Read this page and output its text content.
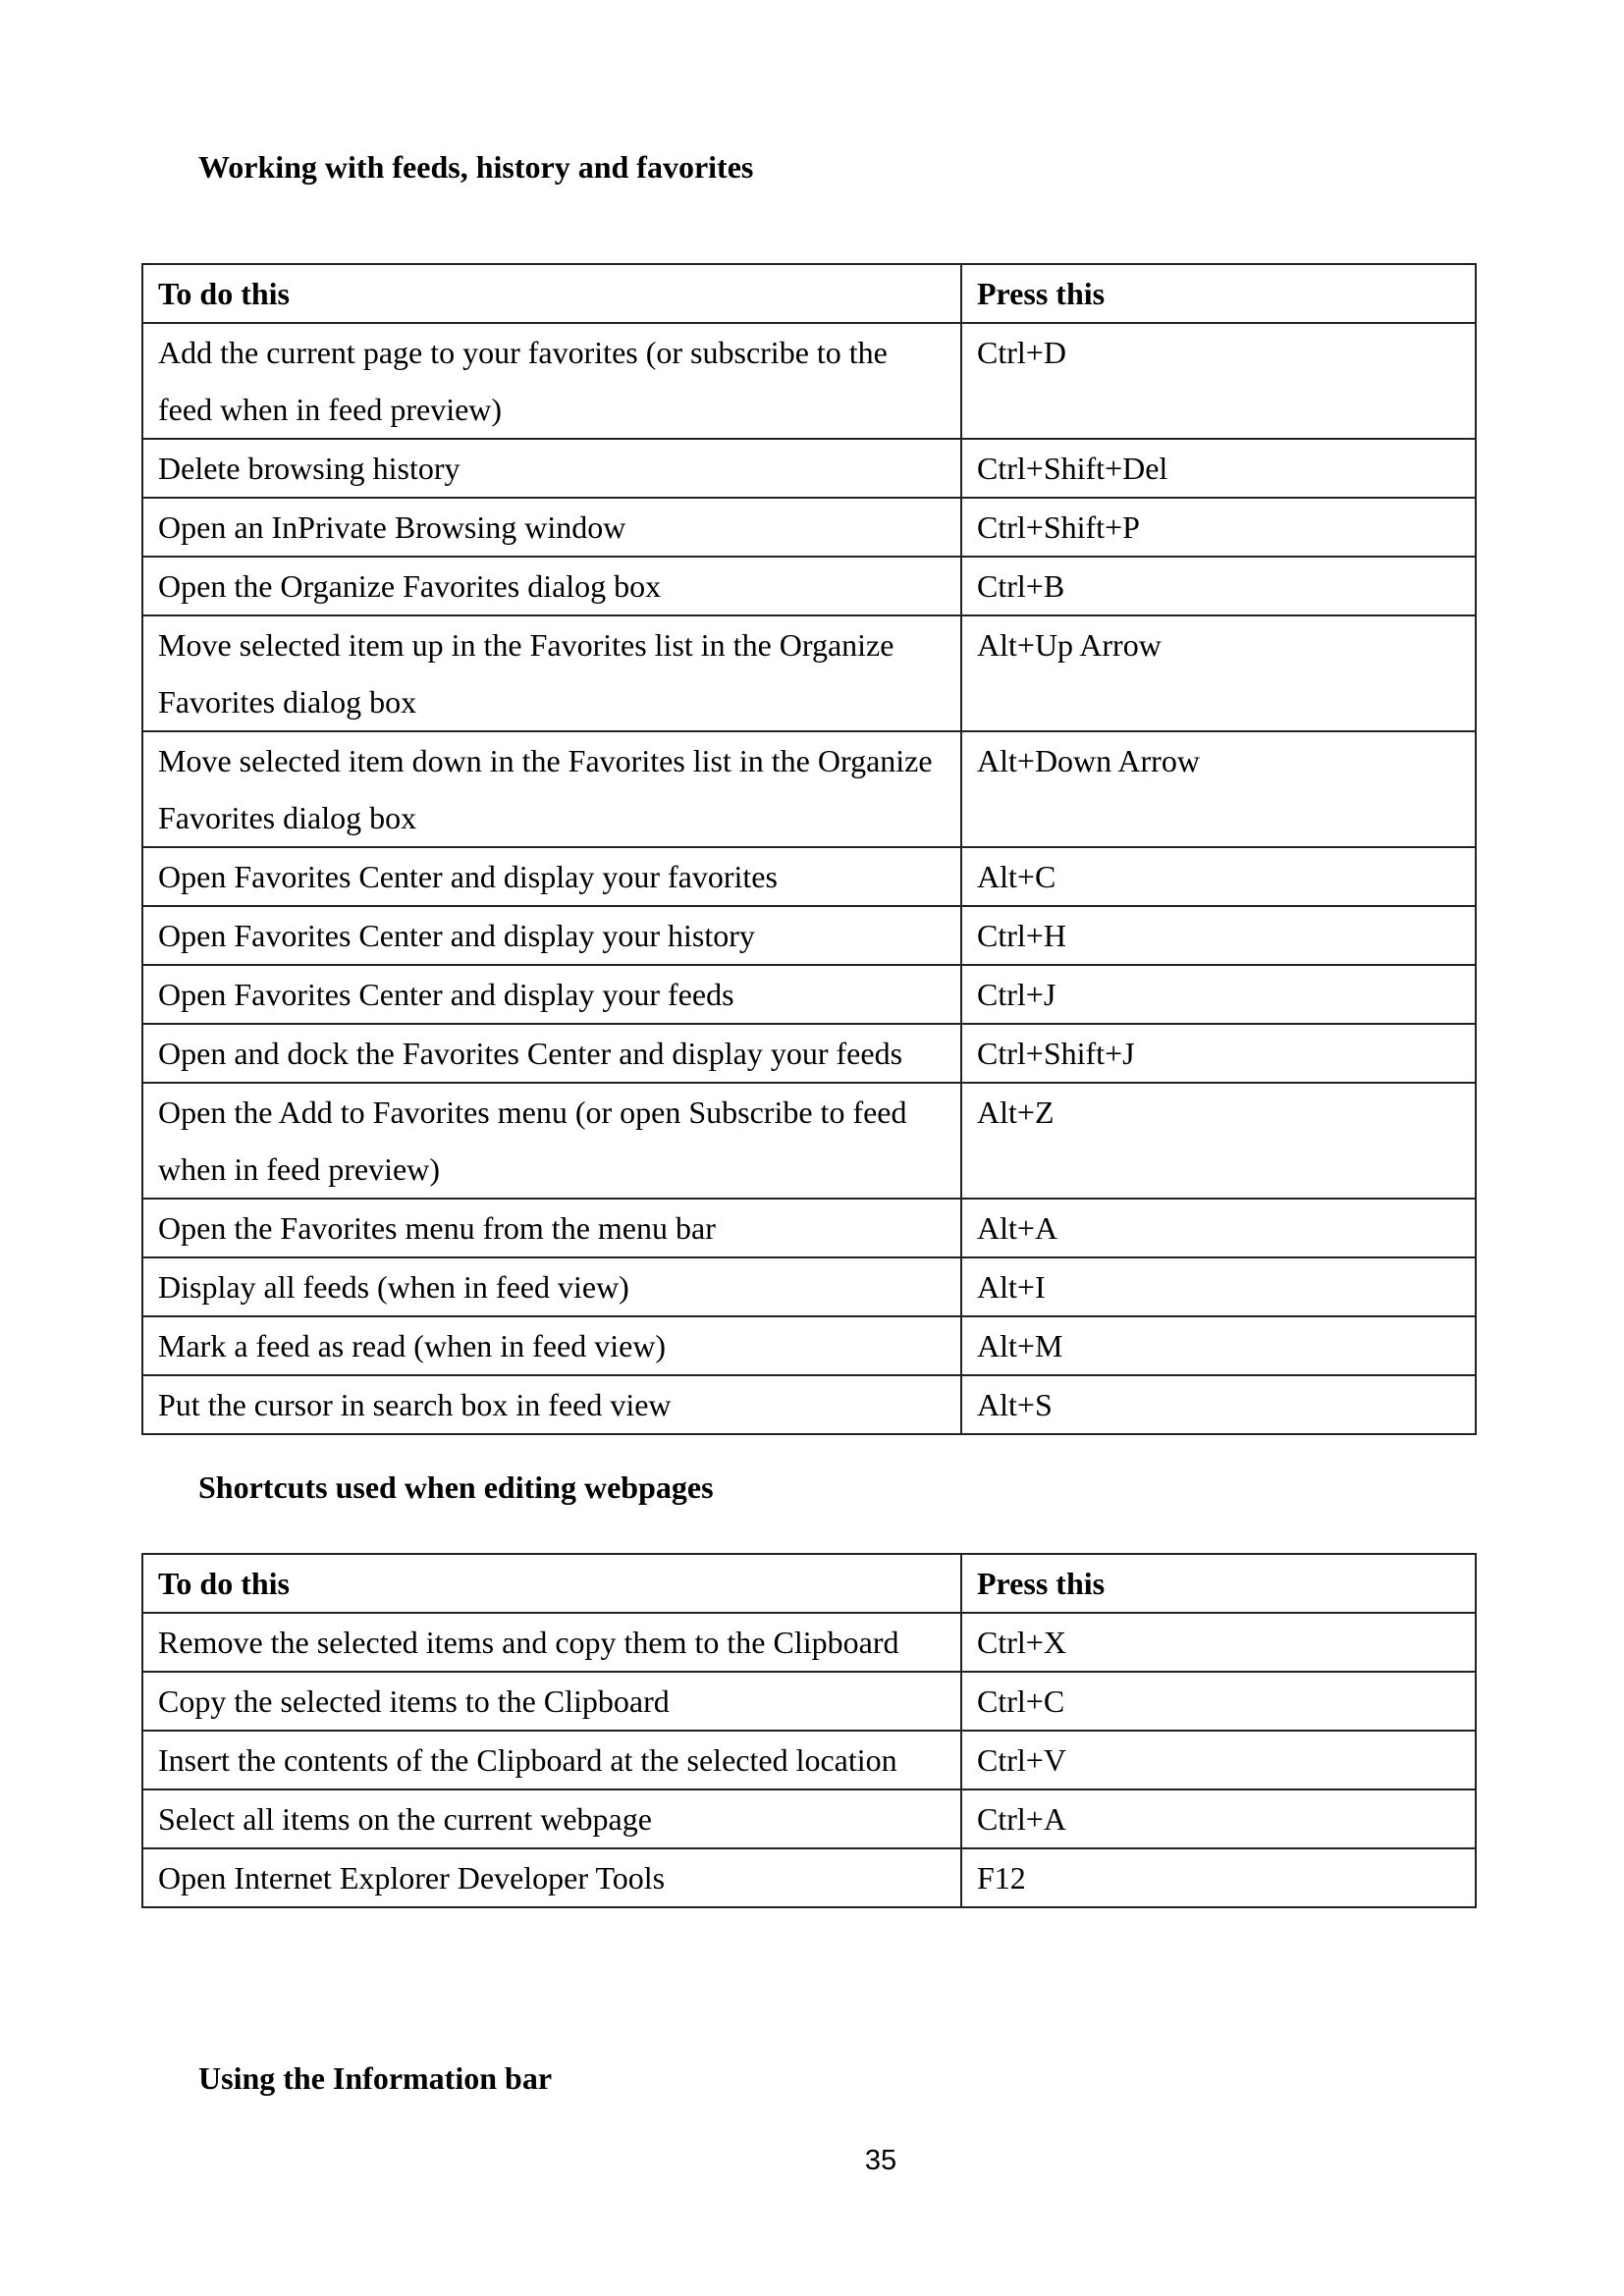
Working with feeds, history and favorites
To do this	Press this
Add the current page to your favorites (or subscribe to the feed when in feed preview)	Ctrl+D
Delete browsing history	Ctrl+Shift+Del
Open an InPrivate Browsing window	Ctrl+Shift+P
Open the Organize Favorites dialog box	Ctrl+B
Move selected item up in the Favorites list in the Organize Favorites dialog box	Alt+Up Arrow
Move selected item down in the Favorites list in the Organize Favorites dialog box	Alt+Down Arrow
Open Favorites Center and display your favorites	Alt+C
Open Favorites Center and display your history	Ctrl+H
Open Favorites Center and display your feeds	Ctrl+J
Open and dock the Favorites Center and display your feeds	Ctrl+Shift+J
Open the Add to Favorites menu (or open Subscribe to feed when in feed preview)	Alt+Z
Open the Favorites menu from the menu bar	Alt+A
Display all feeds (when in feed view)	Alt+I
Mark a feed as read (when in feed view)	Alt+M
Put the cursor in search box in feed view	Alt+S
Shortcuts used when editing webpages
To do this	Press this
Remove the selected items and copy them to the Clipboard	Ctrl+X
Copy the selected items to the Clipboard	Ctrl+C
Insert the contents of the Clipboard at the selected location	Ctrl+V
Select all items on the current webpage	Ctrl+A
Open Internet Explorer Developer Tools	F12
Using the Information bar
35
